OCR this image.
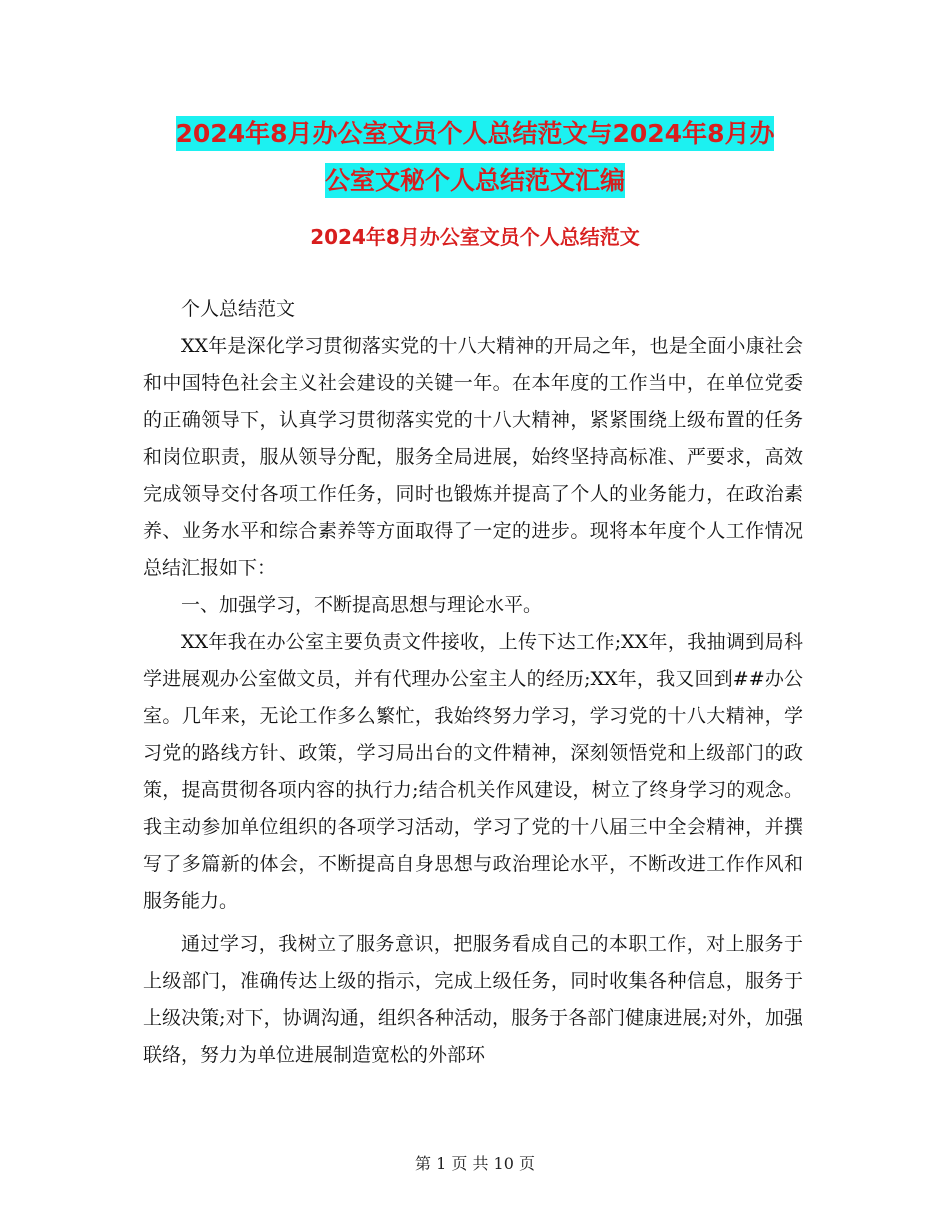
2024年8月办公室文员个人总结范文与2024年8月办
公室文秘个人总结范文汇编
2024年8月办公室文员个人总结范文

个人总结范文

XX年是深化学习贯彻落实党的十八大精神的开局之年，也是全面小康社会和中国特色社会主义社会建设的关键一年。在本年度的工作当中，在单位党委的正确领导下，认真学习贯彻落实党的十八大精神，紧紧围绕上级布置的任务和岗位职责，服从领导分配，服务全局进展，始终坚持高标准、严要求，高效完成领导交付各项工作任务，同时也锻炼并提高了个人的业务能力，在政治素养、业务水平和综合素养等方面取得了一定的进步。现将本年度个人工作情况总结汇报如下：

一、加强学习，不断提高思想与理论水平。

XX年我在办公室主要负责文件接收，上传下达工作;XX年，我抽调到局科学进展观办公室做文员，并有代理办公室主人的经历;XX年，我又回到##办公室。几年来，无论工作多么繁忙，我始终努力学习，学习党的十八大精神，学习党的路线方针、政策，学习局出台的文件精神，深刻领悟党和上级部门的政策，提高贯彻各项内容的执行力;结合机关作风建设，树立了终身学习的观念。我主动参加单位组织的各项学习活动，学习了党的十八届三中全会精神，并撰写了多篇新的体会，不断提高自身思想与政治理论水平，不断改进工作作风和服务能力。

通过学习，我树立了服务意识，把服务看成自己的本职工作，对上服务于上级部门，准确传达上级的指示，完成上级任务，同时收集各种信息，服务于上级决策;对下，协调沟通，组织各种活动，服务于各部门健康进展;对外，加强联络，努力为单位进展制造宽松的外部环

第 1 页 共 10 页
